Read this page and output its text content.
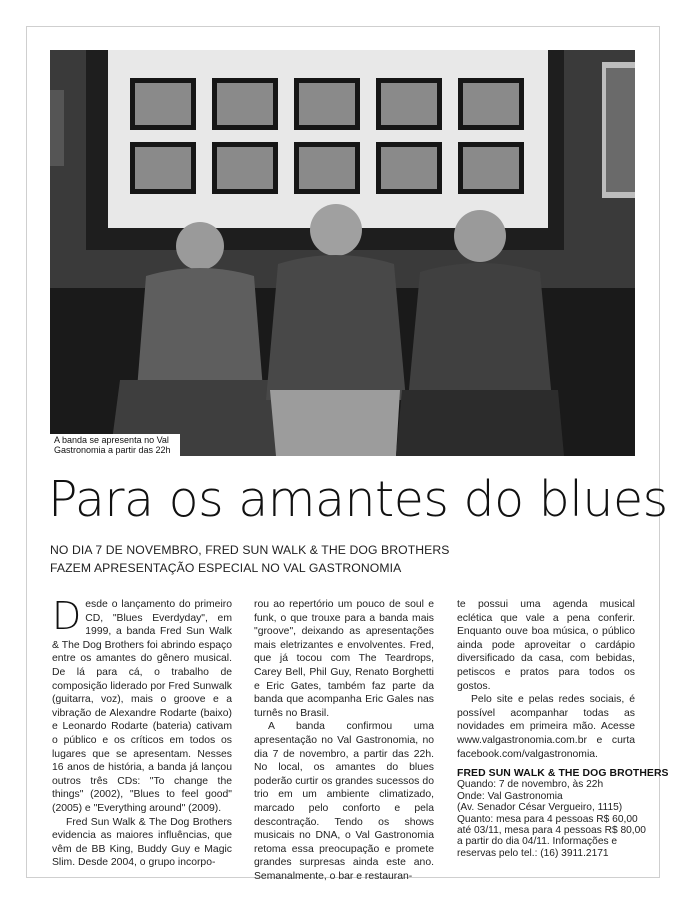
A banda se apresenta no Val
Gastronomia a partir das 22h
Para os amantes do blues
NO DIA 7 DE NOVEMBRO, FRED SUN WALK & THE DOG BROTHERS
FAZEM APRESENTAÇÃO ESPECIAL NO VAL GASTRONOMIA

Desde o lançamento do primeiro CD, "Blues Everdyday", em 1999, a banda Fred Sun Walk & The Dog Brothers foi abrindo espaço entre os amantes do gênero musical. De lá para cá, o trabalho de composição liderado por Fred Sunwalk (guitarra, voz), mais o groove e a vibração de Alexandre Rodarte (baixo) e Leonardo Rodarte (bateria) cativam o público e os críticos em todos os lugares que se apresentam. Nesses 16 anos de história, a banda já lançou outros três CDs: "To change the things" (2002), "Blues to feel good" (2005) e "Everything around" (2009).

Fred Sun Walk & The Dog Brothers evidencia as maiores influências, que vêm de BB King, Buddy Guy e Magic Slim. Desde 2004, o grupo incorpo-

rou ao repertório um pouco de soul e funk, o que trouxe para a banda mais "groove", deixando as apresentações mais eletrizantes e envolventes. Fred, que já tocou com The Teardrops, Carey Bell, Phil Guy, Renato Borghetti e Eric Gates, também faz parte da banda que acompanha Eric Gales nas turnês no Brasil.

A banda confirmou uma apresentação no Val Gastronomia, no dia 7 de novembro, a partir das 22h. No local, os amantes do blues poderão curtir os grandes sucessos do trio em um ambiente climatizado, marcado pelo conforto e pela descontração. Tendo os shows musicais no DNA, o Val Gastronomia retoma essa preocupação e promete grandes surpresas ainda este ano. Semanalmente, o bar e restauran-

te possui uma agenda musical eclética que vale a pena conferir. Enquanto ouve boa música, o público ainda pode aproveitar o cardápio diversificado da casa, com bebidas, petiscos e pratos para todos os gostos.

Pelo site e pelas redes sociais, é possível acompanhar todas as novidades em primeira mão. Acesse www.valgastronomia.com.br e curta facebook.com/valgastronomia.

FRED SUN WALK & THE DOG BROTHERS
Quando: 7 de novembro, às 22h
Onde: Val Gastronomia
(Av. Senador César Vergueiro, 1115)
Quanto: mesa para 4 pessoas R$ 60,00
até 03/11, mesa para 4 pessoas R$ 80,00
a partir do dia 04/11. Informações e
reservas pelo tel.: (16) 3911.2171
